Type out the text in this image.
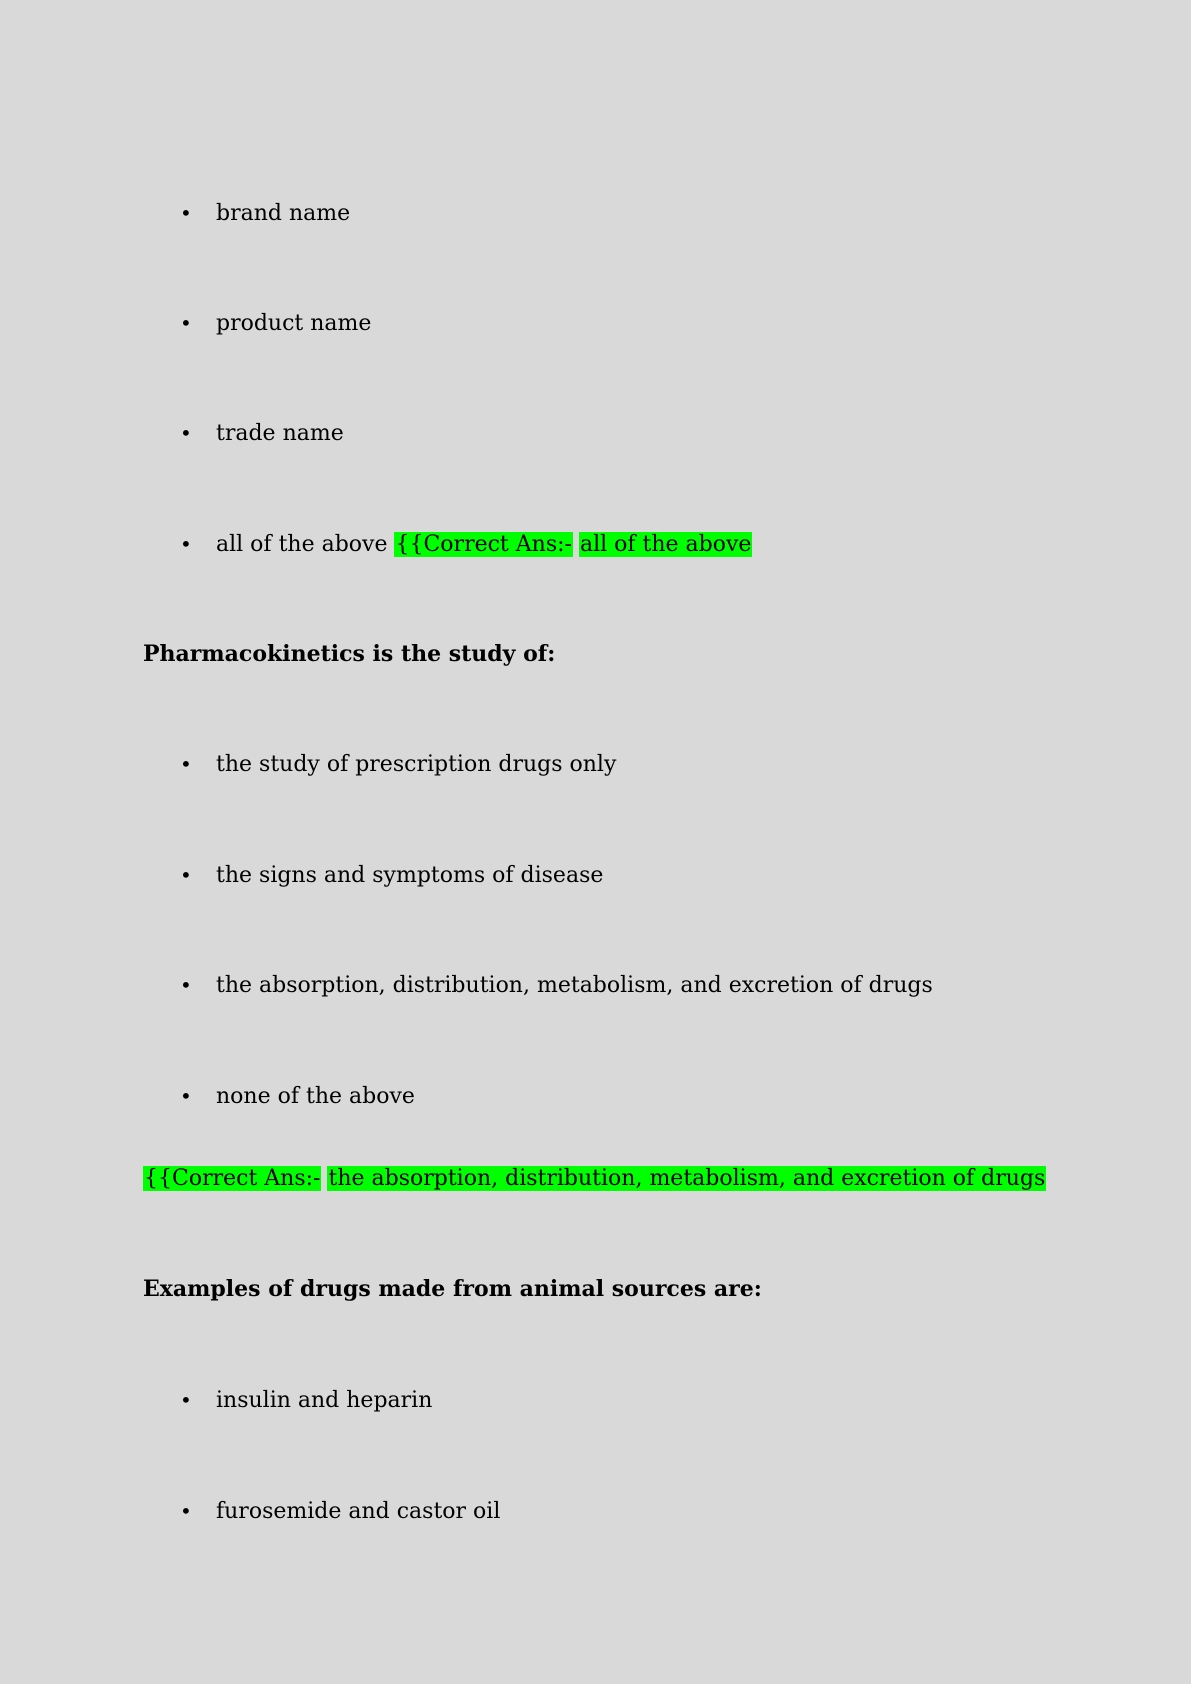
• brand name
• product name
• trade name
• all of the above {{Correct Ans:- all of the above
Pharmacokinetics is the study of:
• the study of prescription drugs only
• the signs and symptoms of disease
• the absorption, distribution, metabolism, and excretion of drugs
• none of the above
{{Correct Ans:- the absorption, distribution, metabolism, and excretion of drugs
Examples of drugs made from animal sources are:
• insulin and heparin
• furosemide and castor oil
